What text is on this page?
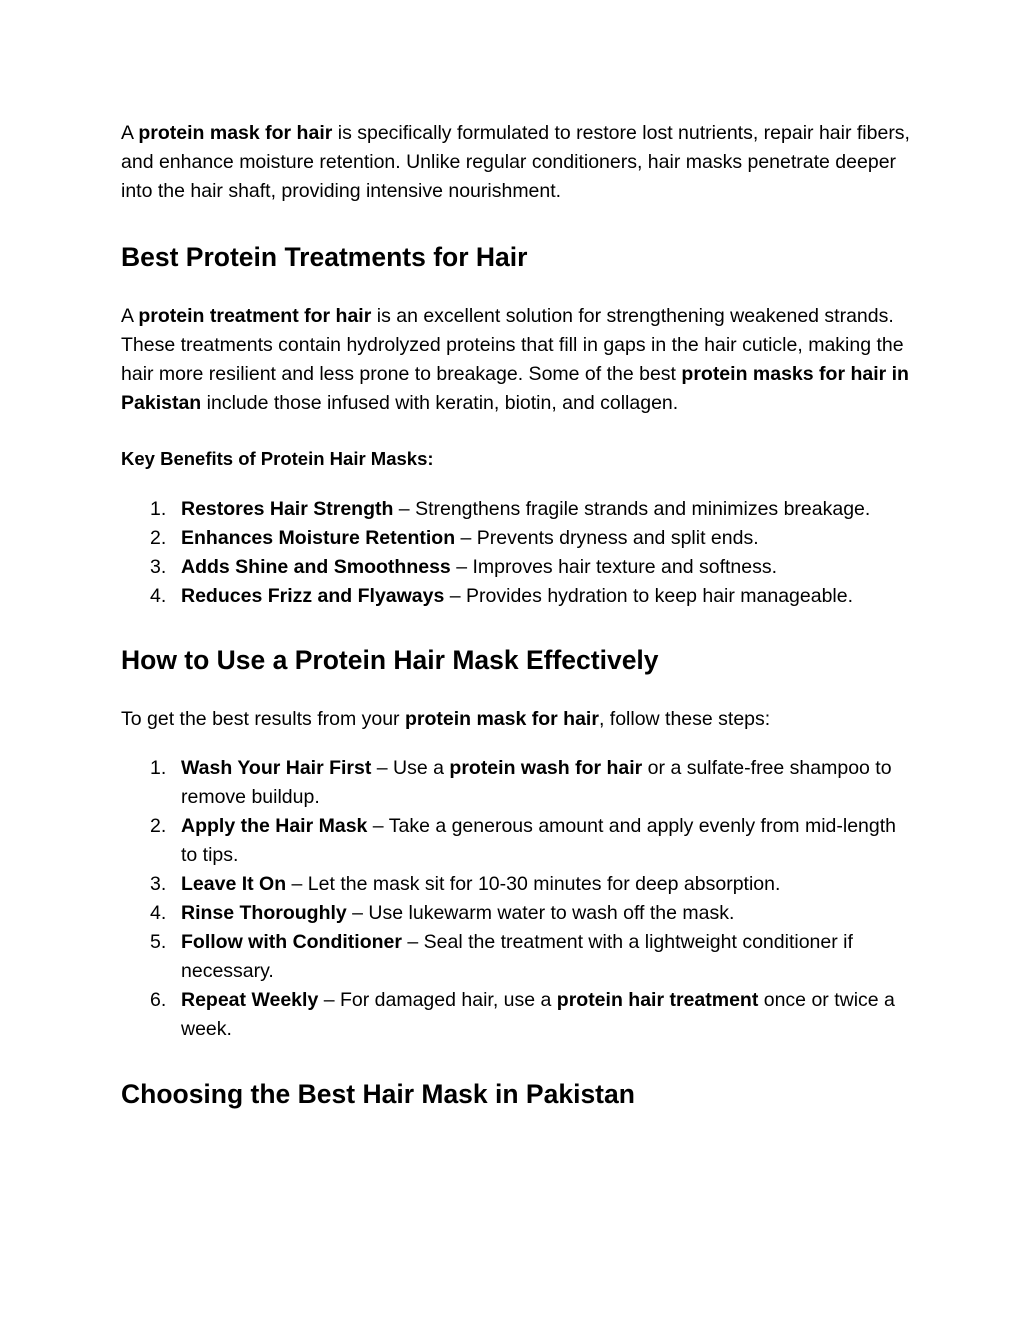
A protein mask for hair is specifically formulated to restore lost nutrients, repair hair fibers, and enhance moisture retention. Unlike regular conditioners, hair masks penetrate deeper into the hair shaft, providing intensive nourishment.

Best Protein Treatments for Hair

A protein treatment for hair is an excellent solution for strengthening weakened strands. These treatments contain hydrolyzed proteins that fill in gaps in the hair cuticle, making the hair more resilient and less prone to breakage. Some of the best protein masks for hair in Pakistan include those infused with keratin, biotin, and collagen.

Key Benefits of Protein Hair Masks:
1. Restores Hair Strength – Strengthens fragile strands and minimizes breakage.
2. Enhances Moisture Retention – Prevents dryness and split ends.
3. Adds Shine and Smoothness – Improves hair texture and softness.
4. Reduces Frizz and Flyaways – Provides hydration to keep hair manageable.
How to Use a Protein Hair Mask Effectively

To get the best results from your protein mask for hair, follow these steps:

1. Wash Your Hair First – Use a protein wash for hair or a sulfate-free shampoo to remove buildup.
2. Apply the Hair Mask – Take a generous amount and apply evenly from mid-length to tips.
3. Leave It On – Let the mask sit for 10-30 minutes for deep absorption.
4. Rinse Thoroughly – Use lukewarm water to wash off the mask.
5. Follow with Conditioner – Seal the treatment with a lightweight conditioner if necessary.
6. Repeat Weekly – For damaged hair, use a protein hair treatment once or twice a week.
Choosing the Best Hair Mask in Pakistan
